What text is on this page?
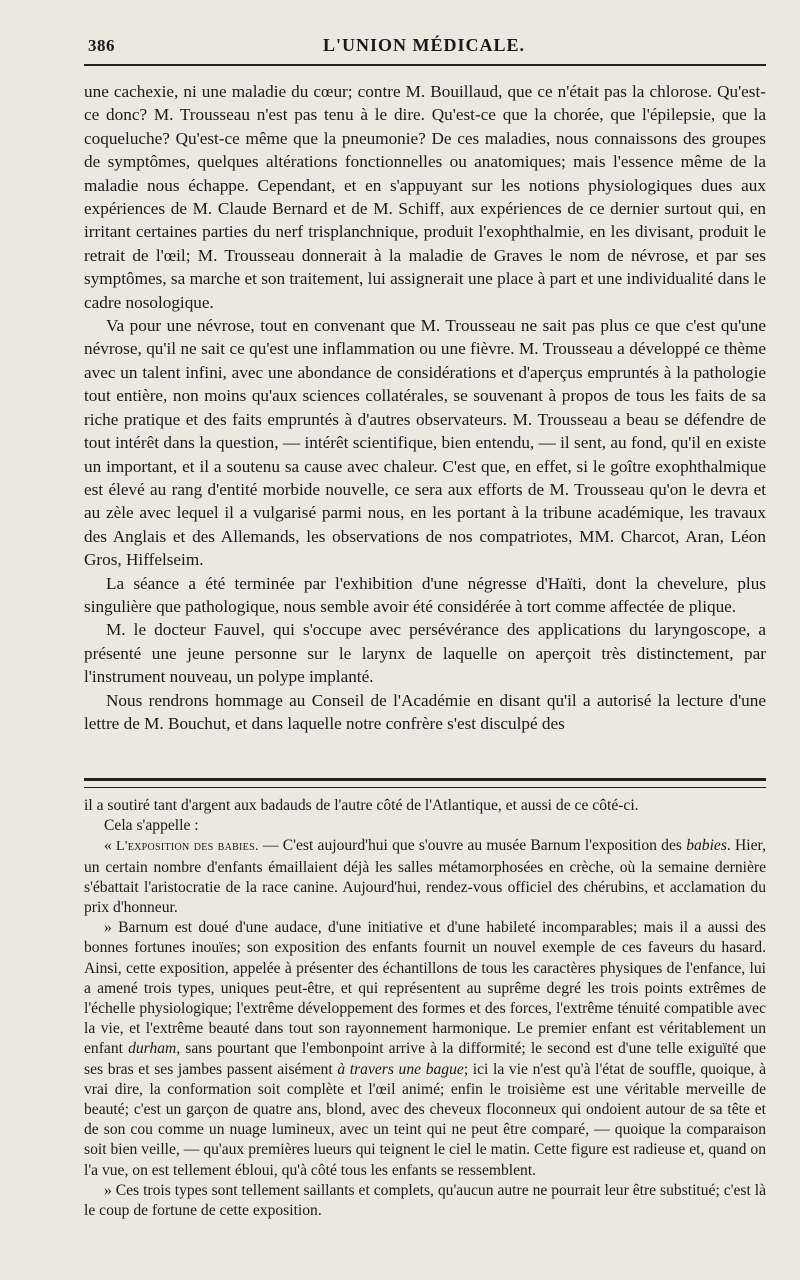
386	L'UNION MÉDICALE.

une cachexie, ni une maladie du cœur; contre M. Bouillaud, que ce n'était pas la chlorose. Qu'est-ce donc? M. Trousseau n'est pas tenu à le dire. Qu'est-ce que la chorée, que l'épilepsie, que la coqueluche? Qu'est-ce même que la pneumonie? De ces maladies, nous connaissons des groupes de symptômes, quelques altérations fonctionnelles ou anatomiques; mais l'essence même de la maladie nous échappe. Cependant, et en s'appuyant sur les notions physiologiques dues aux expériences de M. Claude Bernard et de M. Schiff, aux expériences de ce dernier surtout qui, en irritant certaines parties du nerf trisplanchnique, produit l'exophthalmie, en les divisant, produit le retrait de l'œil; M. Trousseau donnerait à la maladie de Graves le nom de névrose, et par ses symptômes, sa marche et son traitement, lui assignerait une place à part et une individualité dans le cadre nosologique.

Va pour une névrose, tout en convenant que M. Trousseau ne sait pas plus ce que c'est qu'une névrose, qu'il ne sait ce qu'est une inflammation ou une fièvre. M. Trousseau a développé ce thème avec un talent infini, avec une abondance de considérations et d'aperçus empruntés à la pathologie tout entière, non moins qu'aux sciences collatérales, se souvenant à propos de tous les faits de sa riche pratique et des faits empruntés à d'autres observateurs. M. Trousseau a beau se défendre de tout intérêt dans la question, — intérêt scientifique, bien entendu, — il sent, au fond, qu'il en existe un important, et il a soutenu sa cause avec chaleur. C'est que, en effet, si le goître exophthalmique est élevé au rang d'entité morbide nouvelle, ce sera aux efforts de M. Trousseau qu'on le devra et au zèle avec lequel il a vulgarisé parmi nous, en les portant à la tribune académique, les travaux des Anglais et des Allemands, les observations de nos compatriotes, MM. Charcot, Aran, Léon Gros, Hiffelseim.

La séance a été terminée par l'exhibition d'une négresse d'Haïti, dont la chevelure, plus singulière que pathologique, nous semble avoir été considérée à tort comme affectée de plique.

M. le docteur Fauvel, qui s'occupe avec persévérance des applications du laryngoscope, a présenté une jeune personne sur le larynx de laquelle on aperçoit très distinctement, par l'instrument nouveau, un polype implanté.

Nous rendrons hommage au Conseil de l'Académie en disant qu'il a autorisé la lecture d'une lettre de M. Bouchut, et dans laquelle notre confrère s'est disculpé des

il a soutiré tant d'argent aux badauds de l'autre côté de l'Atlantique, et aussi de ce côté-ci.

Cela s'appelle :

« L'exposition des babies. — C'est aujourd'hui que s'ouvre au musée Barnum l'exposition des babies. Hier, un certain nombre d'enfants émaillaient déjà les salles métamorphosées en crèche, où la semaine dernière s'ébattait l'aristocratie de la race canine. Aujourd'hui, rendez-vous officiel des chérubins, et acclamation du prix d'honneur.

» Barnum est doué d'une audace, d'une initiative et d'une habileté incomparables; mais il a aussi des bonnes fortunes inouïes; son exposition des enfants fournit un nouvel exemple de ces faveurs du hasard. Ainsi, cette exposition, appelée à présenter des échantillons de tous les caractères physiques de l'enfance, lui a amené trois types, uniques peut-être, et qui représentent au suprême degré les trois points extrêmes de l'échelle physiologique; l'extrême développement des formes et des forces, l'extrême ténuité compatible avec la vie, et l'extrême beauté dans tout son rayonnement harmonique. Le premier enfant est véritablement un enfant durham, sans pourtant que l'embonpoint arrive à la difformité; le second est d'une telle exiguïté que ses bras et ses jambes passent aisément à travers une bague; ici la vie n'est qu'à l'état de souffle, quoique, à vrai dire, la conformation soit complète et l'œil animé; enfin le troisième est une véritable merveille de beauté; c'est un garçon de quatre ans, blond, avec des cheveux floconneux qui ondoient autour de sa tête et de son cou comme un nuage lumineux, avec un teint qui ne peut être comparé, — quoique la comparaison soit bien veille, — qu'aux premières lueurs qui teignent le ciel le matin. Cette figure est radieuse et, quand on l'a vue, on est tellement ébloui, qu'à côté tous les enfants se ressemblent.

» Ces trois types sont tellement saillants et complets, qu'aucun autre ne pourrait leur être substitué; c'est là le coup de fortune de cette exposition.
